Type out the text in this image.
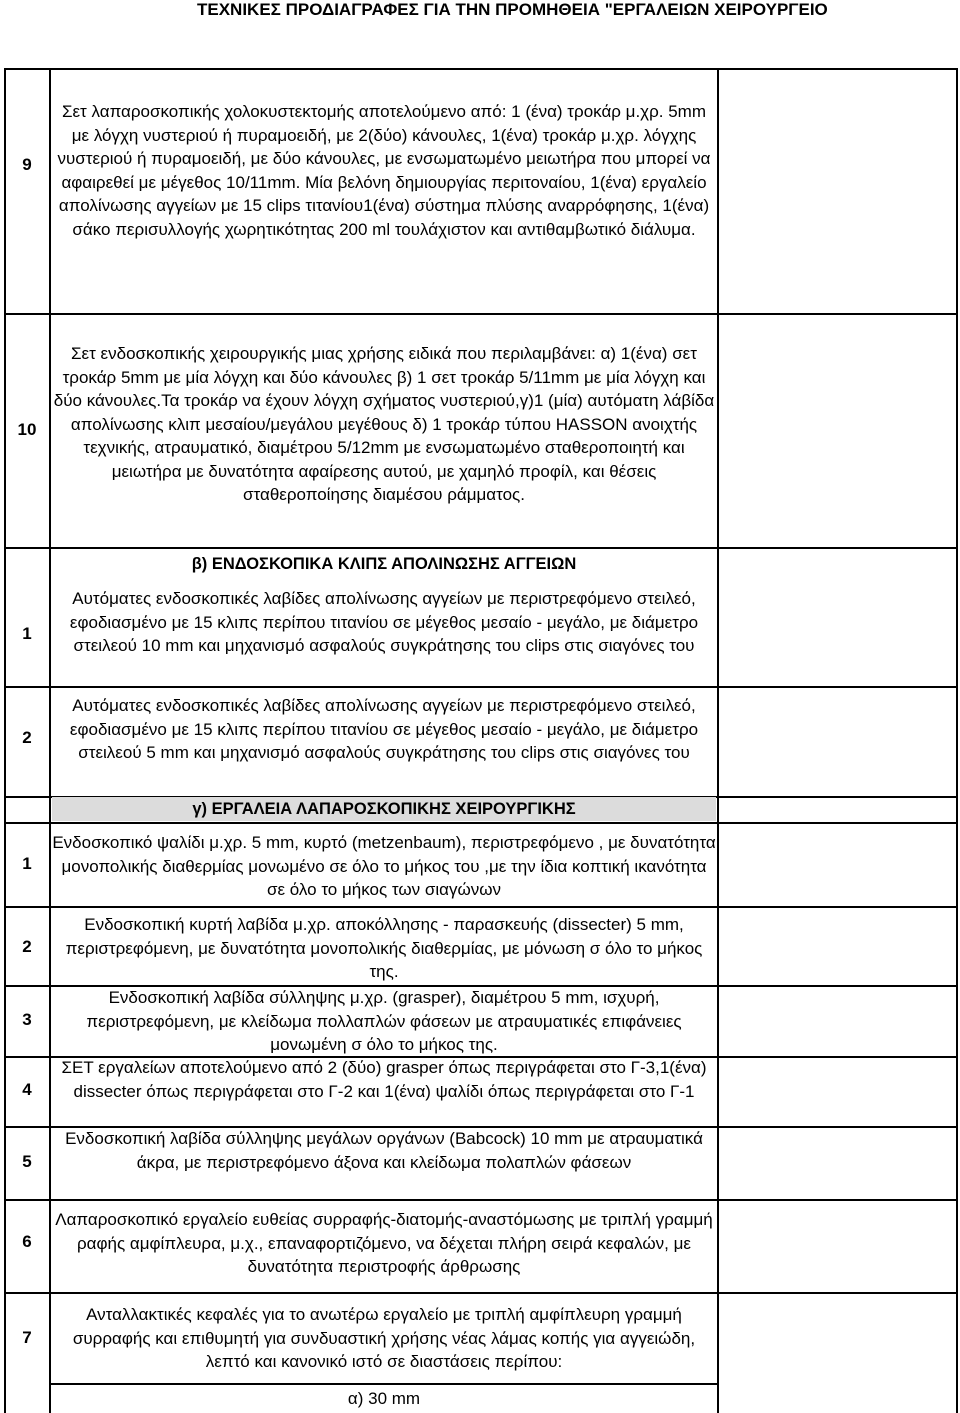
ΤΕΧΝΙΚΕΣ ΠΡΟΔΙΑΓΡΑΦΕΣ ΓΙΑ ΤΗΝ ΠΡΟΜΗΘΕΙΑ "ΕΡΓΑΛΕΙΩΝ ΧΕΙΡΟΥΡΓΕΙΟ
9
Σετ λαπαροσκοπικής χολοκυστεκτομής αποτελούμενο από: 1 (ένα) τροκάρ μ.χρ. 5mm με λόγχη νυστεριού ή πυραμοειδή, με 2(δύο) κάνουλες, 1(ένα) τροκάρ μ.χρ. λόγχης νυστεριού ή πυραμοειδή, με δύο κάνουλες, με ενσωματωμένο μειωτήρα που μπορεί να αφαιρεθεί με μέγεθος 10/11mm. Μία βελόνη δημιουργίας περιτοναίου, 1(ένα) εργαλείο απολίνωσης αγγείων με 15 clips τιτανίου1(ένα) σύστημα πλύσης αναρρόφησης, 1(ένα) σάκο περισυλλογής χωρητικότητας 200 ml τουλάχιστον και αντιθαμβωτικό διάλυμα.
10
Σετ ενδοσκοπικής χειρουργικής μιας χρήσης ειδικά που περιλαμβάνει: α) 1(ένα) σετ τροκάρ 5mm με μία λόγχη και δύο κάνουλες β) 1 σετ τροκάρ 5/11mm με μία λόγχη και δύο κάνουλες.Τα τροκάρ να έχουν λόγχη σχήματος νυστεριού,γ)1 (μία) αυτόματη λάβίδα απολίνωσης κλιπ μεσαίου/μεγάλου μεγέθους δ) 1 τροκάρ τύπου HASSON ανοιχτής τεχνικής, ατραυματικό, διαμέτρου 5/12mm με ενσωματωμένο σταθεροποιητή και μειωτήρα με δυνατότητα αφαίρεσης αυτού, με χαμηλό προφίλ, και θέσεις σταθεροποίησης διαμέσου ράμματος.
β) ΕΝΔΟΣΚΟΠΙΚΑ ΚΛΙΠΣ ΑΠΟΛΙΝΩΣΗΣ ΑΓΓΕΙΩΝ
1
Αυτόματες ενδοσκοπικές λαβίδες απολίνωσης αγγείων με περιστρεφόμενο στειλεό, εφοδιασμένο με 15 κλιπς περίπου τιτανίου σε μέγεθος μεσαίο - μεγάλο, με διάμετρο στειλεού 10 mm και μηχανισμό ασφαλούς συγκράτησης του clips στις σιαγόνες του
2
Αυτόματες ενδοσκοπικές λαβίδες απολίνωσης αγγείων με περιστρεφόμενο στειλεό, εφοδιασμένο με 15 κλιπς περίπου τιτανίου σε μέγεθος μεσαίο - μεγάλο, με διάμετρο στειλεού 5 mm και μηχανισμό ασφαλούς συγκράτησης του clips στις σιαγόνες του
γ) ΕΡΓΑΛΕΙΑ ΛΑΠΑΡΟΣΚΟΠΙΚΗΣ ΧΕΙΡΟΥΡΓΙΚΗΣ
1
Ενδοσκοπικό ψαλίδι μ.χρ. 5 mm, κυρτό (metzenbaum), περιστρεφόμενο , με δυνατότητα μονοπολικής διαθερμίας μονωμένο σε όλο το μήκος του ,με την ίδια κοπτική ικανότητα σε όλο το μήκος των σιαγώνων
2
Ενδοσκοπική κυρτή λαβίδα μ.χρ. αποκόλλησης - παρασκευής (dissecter) 5 mm, περιστρεφόμενη, με δυνατότητα μονοπολικής διαθερμίας, με μόνωση σ όλο το μήκος της.
3
Ενδοσκοπική λαβίδα σύλληψης μ.χρ. (grasper), διαμέτρου 5 mm, ισχυρή, περιστρεφόμενη, με κλείδωμα πολλαπλών φάσεων με ατραυματικές επιφάνειες μονωμένη σ όλο το μήκος της.
4
ΣΕΤ εργαλείων αποτελούμενο από 2 (δύο) grasper όπως περιγράφεται στο Γ-3,1(ένα) dissecter όπως περιγράφεται στο Γ-2 και 1(ένα) ψαλίδι όπως περιγράφεται στο Γ-1
5
Ενδοσκοπική λαβίδα σύλληψης μεγάλων οργάνων (Babcock) 10 mm με ατραυματικά άκρα, με περιστρεφόμενο άξονα και κλείδωμα πολαπλών φάσεων
6
Λαπαροσκοπικό εργαλείο ευθείας συρραφής-διατομής-αναστόμωσης με τριπλή γραμμή ραφής αμφίπλευρα, μ.χ., επαναφορτιζόμενο, να δέχεται πλήρη σειρά κεφαλών, με δυνατότητα περιστροφής άρθρωσης
7
Ανταλλακτικές κεφαλές για το ανωτέρω εργαλείο με τριπλή αμφίπλευρη γραμμή συρραφής και επιθυμητή για συνδυαστική χρήσης νέας λάμας κοπής για αγγειώδη, λεπτό και κανονικό ιστό σε διαστάσεις περίπου:
α) 30 mm
